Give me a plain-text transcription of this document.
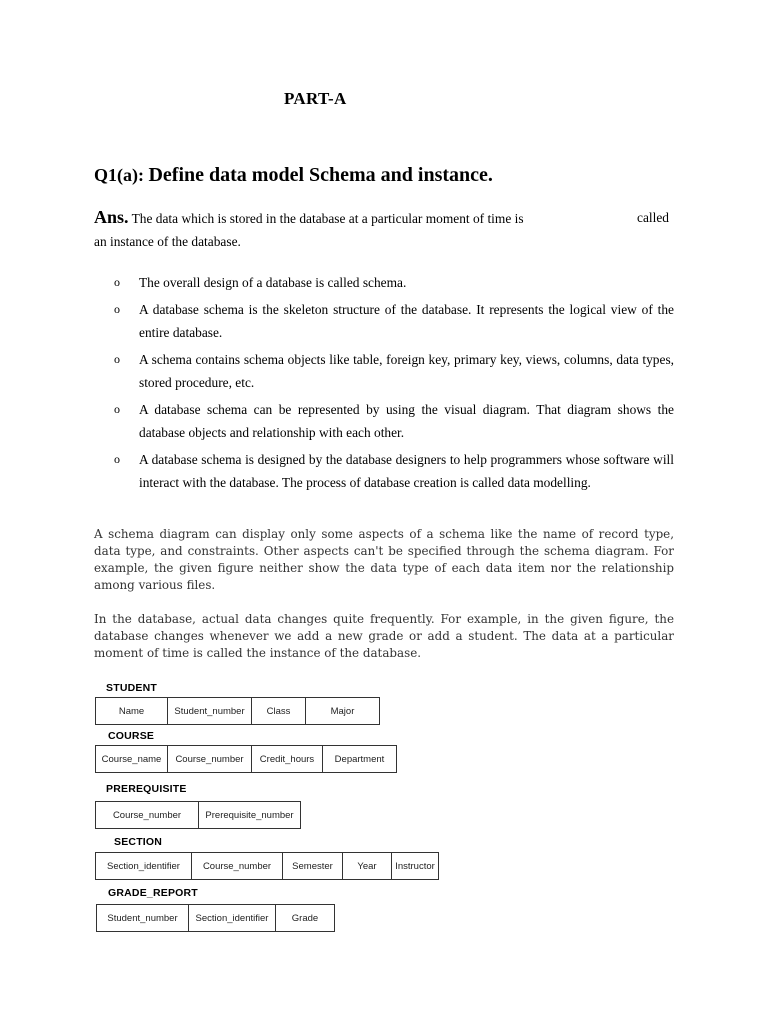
PART-A
Q1(a): Define data model Schema and instance.
Ans. The data which is stored in the database at a particular moment of time is	called
an instance of the database.
o The overall design of a database is called schema.
o A database schema is the skeleton structure of the database. It represents the logical view of the entire database.
o A schema contains schema objects like table, foreign key, primary key, views, columns, data types, stored procedure, etc.
o A database schema can be represented by using the visual diagram. That diagram shows the database objects and relationship with each other.
o A database schema is designed by the database designers to help programmers whose software will interact with the database. The process of database creation is called data modelling.

A schema diagram can display only some aspects of a schema like the name of record type, data type, and constraints. Other aspects can't be specified through the schema diagram. For example, the given figure neither show the data type of each data item nor the relationship among various files.

In the database, actual data changes quite frequently. For example, in the given figure, the database changes whenever we add a new grade or add a student. The data at a particular moment of time is called the instance of the database.

STUDENT
Name	Student_number	Class	Major
COURSE
Course_name	Course_number	Credit_hours	Department
PREREQUISITE
Course_number	Prerequisite_number
SECTION
Section_identifier	Course_number	Semester	Year	Instructor
GRADE_REPORT
Student_number	Section_identifier	Grade
